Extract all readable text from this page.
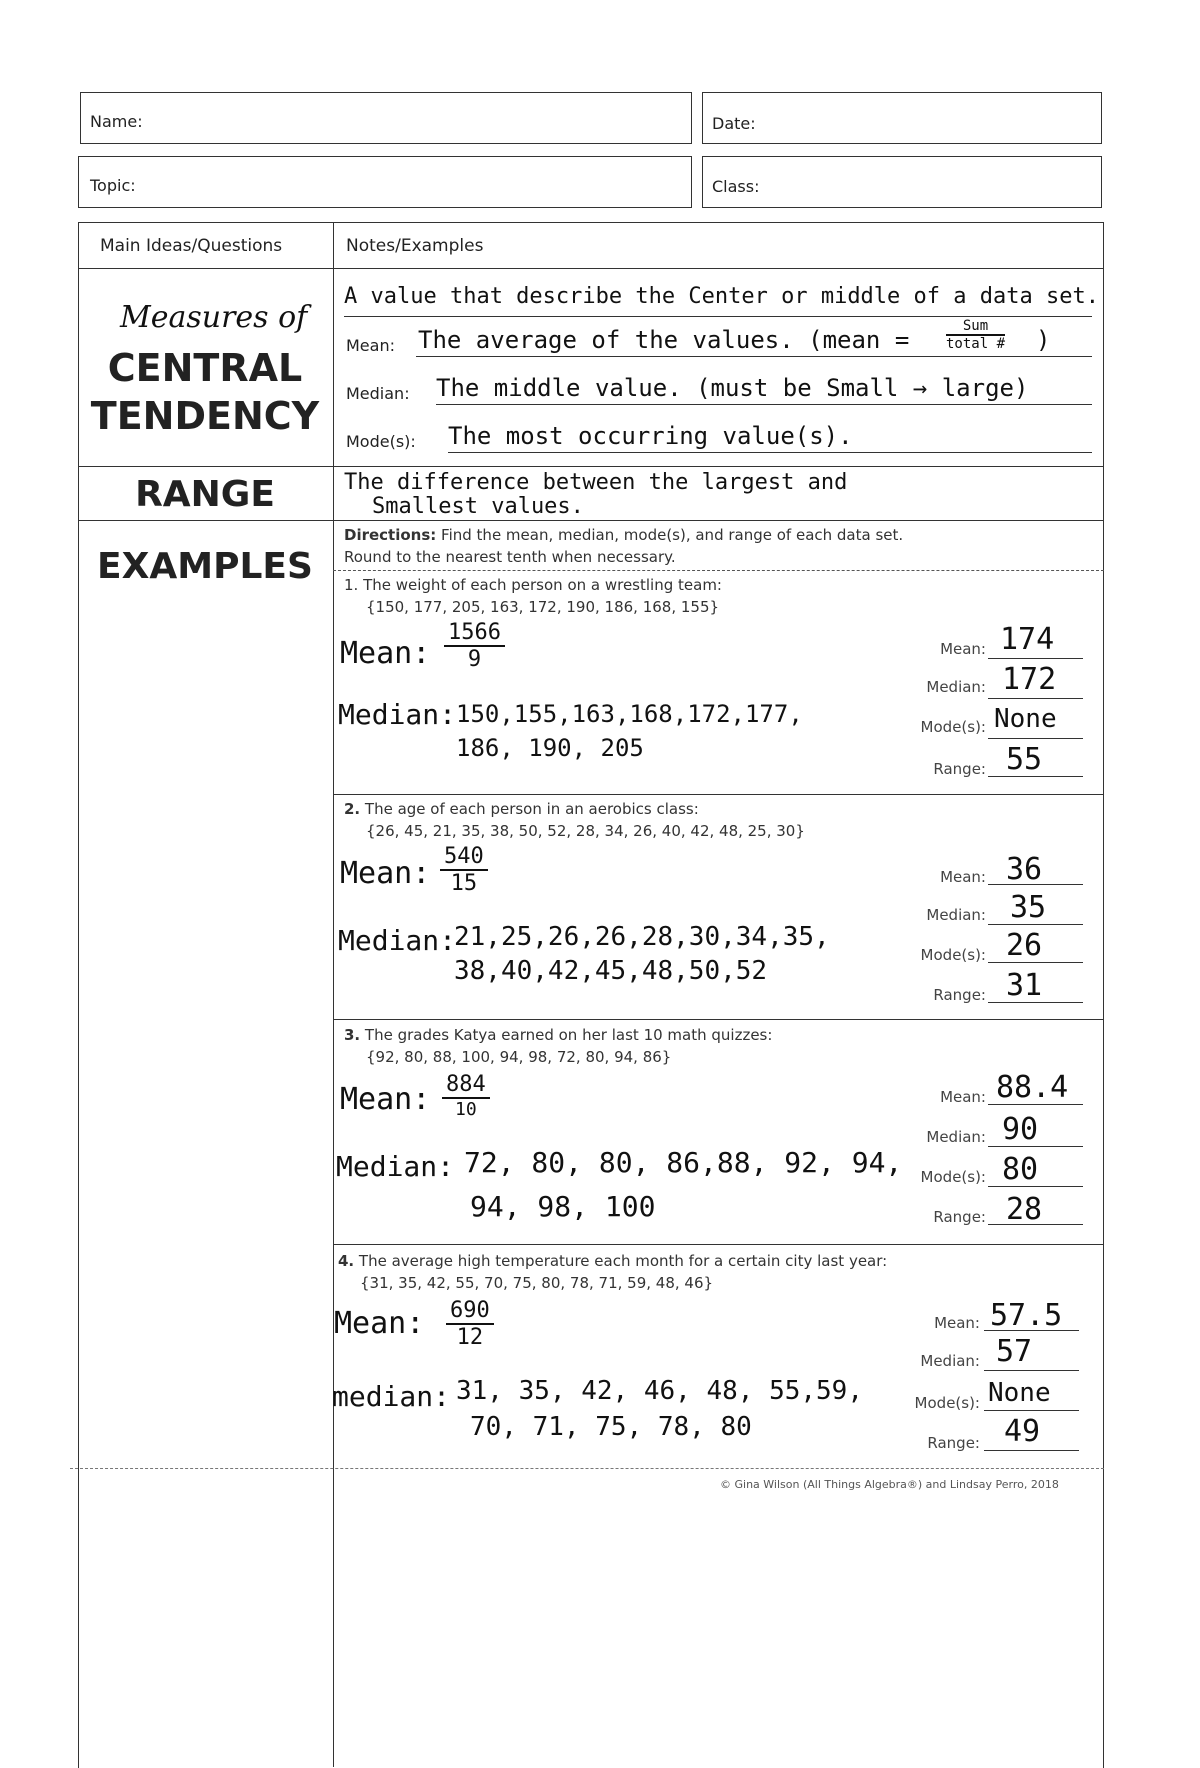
Name:	Date:
Topic:	Class:
Main Ideas/Questions	Notes/Examples
Measures of
CENTRAL
TENDENCY
RANGE
EXAMPLES
A value that describe the Center or middle of a data set.
Mean: The average of the values. (mean =	Sum
total # )
Median: The middle value. (must be Small → large)
Mode(s): The most occurring value(s).
The difference between the largest and
Smallest values.
Directions: Find the mean, median, mode(s), and range of each data set.
Round to the nearest tenth when necessary.
1. The weight of each person on a wrestling team:
{150, 177, 205, 163, 172, 190, 186, 168, 155}
Mean: $\frac{1566}{9}$
Median: 150,155,163,168,172,177,
186, 190, 205
Mean: 174
Median: 172
Mode(s): None
Range: 55
2. The age of each person in an aerobics class:
{26, 45, 21, 35, 38, 50, 52, 28, 34, 26, 40, 42, 48, 25, 30}
Mean: $\frac{540}{15}$
Median:
21,25,26,26,28,30,34,35,
38,40,42,45,48,50,52
Mean: 36
Median: 35
Mode(s): 26
Range: 31
3. The grades Katya earned on her last 10 math quizzes:
{92, 80, 88, 100, 94, 98, 72, 80, 94, 86}
Mean: 884
10
Median: 72, 80, 80, 86,88, 92, 94,
94, 98, 100
Mean: 88.4
Median: 90
Mode(s): 80
Range: 28
4. The average high temperature each month for a certain city last year:
{31, 35, 42, 55, 70, 75, 80, 78, 71, 59, 48, 46}
Mean: $\frac{690}{12}$
median: 31, 35, 42, 46, 48, 55,59,
70, 71, 75, 78, 80
Mean: 57.5
Median: 57
Mode(s): None
Range: 49
© Gina Wilson (All Things Algebra®) and Lindsay Perro, 2018
